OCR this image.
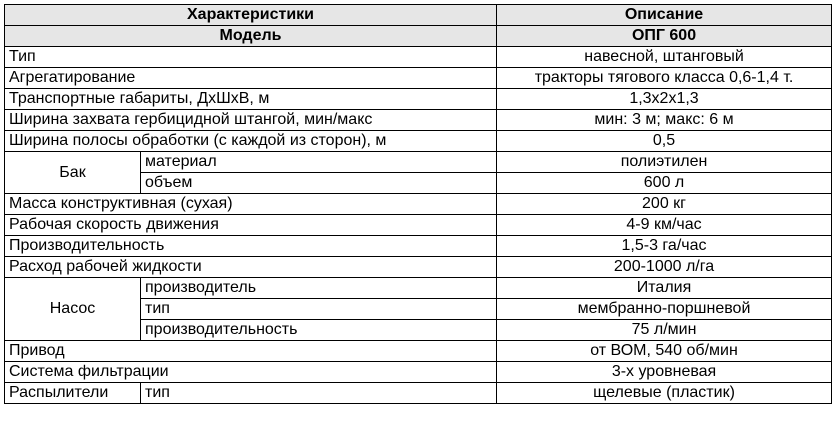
Характеристики		Описание
Модель		ОПГ 600
Тип		навесной, штанговый
Агрегатирование		тракторы тягового класса 0,6-1,4 т.
Транспортные габариты, ДхШхВ, м		1,3х2х1,3
Ширина захвата гербицидной штангой, мин/макс		мин: 3 м; макс: 6 м
Ширина полосы обработки (с каждой из сторон), м		0,5
Бак	материал	полиэтилен
	объем	600 л
Масса конструктивная (сухая)		200 кг
Рабочая скорость движения		4-9 км/час
Производительность		1,5-3 га/час
Расход рабочей жидкости		200-1000 л/га
Насос	производитель	Италия
	тип	мембранно-поршневой
	производительность	75 л/мин
Привод		от ВОМ, 540 об/мин
Система фильтрации		3-х уровневая
Распылители	тип	щелевые (пластик)
